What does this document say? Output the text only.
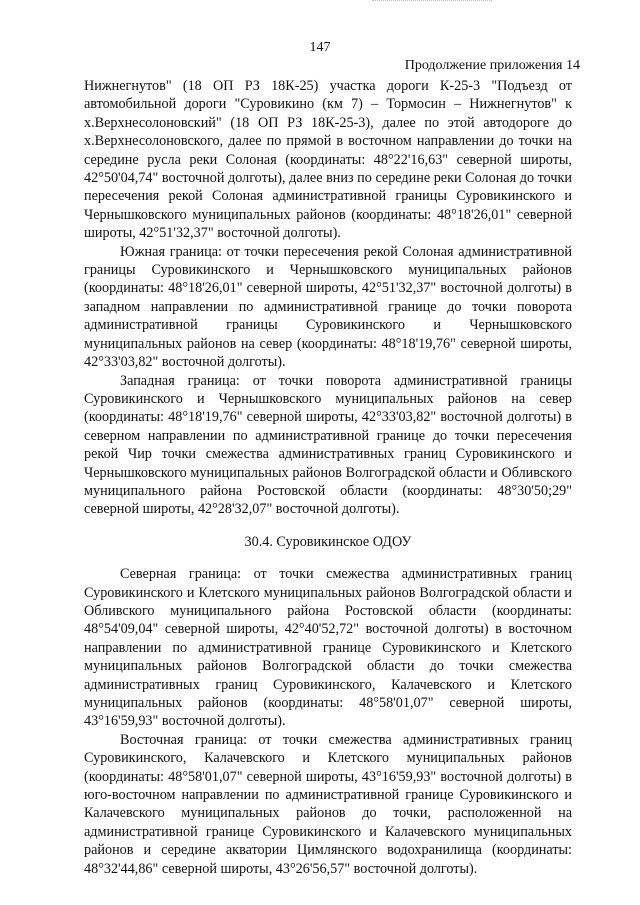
147
Продолжение приложения 14

Нижнегнутов" (18 ОП РЗ 18К-25) участка дороги К-25-3 "Подъезд от автомобильной дороги "Суровикино (км 7) – Тормосин – Нижнегнутов" к х.Верхнесолоновский" (18 ОП РЗ 18К-25-3), далее по этой автодороге до х.Верхнесолоновского, далее по прямой в восточном направлении до точки на середине русла реки Солоная (координаты: 48°22'16,63" северной широты, 42°50'04,74" восточной долготы), далее вниз по середине реки Солоная до точки пересечения рекой Солоная административной границы Суровикинского и Чернышковского муниципальных районов (координаты: 48°18'26,01" северной широты, 42°51'32,37" восточной долготы).

Южная граница: от точки пересечения рекой Солоная административной границы Суровикинского и Чернышковского муниципальных районов (координаты: 48°18'26,01" северной широты, 42°51'32,37" восточной долготы) в западном направлении по административной границе до точки поворота административной границы Суровикинского и Чернышковского муниципальных районов на север (координаты: 48°18'19,76" северной широты, 42°33'03,82" восточной долготы).

Западная граница: от точки поворота административной границы Суровикинского и Чернышковского муниципальных районов на север (координаты: 48°18'19,76" северной широты, 42°33'03,82" восточной долготы) в северном направлении по административной границе до точки пересечения рекой Чир точки смежества административных границ Суровикинского и Чернышковского муниципальных районов Волгоградской области и Обливского муниципального района Ростовской области (координаты: 48°30'50;29" северной широты, 42°28'32,07" восточной долготы).

30.4. Суровикинское ОДОУ

Северная граница: от точки смежества административных границ Суровикинского и Клетского муниципальных районов Волгоградской области и Обливского муниципального района Ростовской области (координаты: 48°54'09,04" северной широты, 42°40'52,72" восточной долготы) в восточном направлении по административной границе Суровикинского и Клетского муниципальных районов Волгоградской области до точки смежества административных границ Суровикинского, Калачевского и Клетского муниципальных районов (координаты: 48°58'01,07" северной широты, 43°16'59,93" восточной долготы).

Восточная граница: от точки смежества административных границ Суровикинского, Калачевского и Клетского муниципальных районов (координаты: 48°58'01,07" северной широты, 43°16'59,93" восточной долготы) в юго-восточном направлении по административной границе Суровикинского и Калачевского муниципальных районов до точки, расположенной на административной границе Суровикинского и Калачевского муниципальных районов и середине акватории Цимлянского водохранилища (координаты: 48°32'44,86" северной широты, 43°26'56,57" восточной долготы).
